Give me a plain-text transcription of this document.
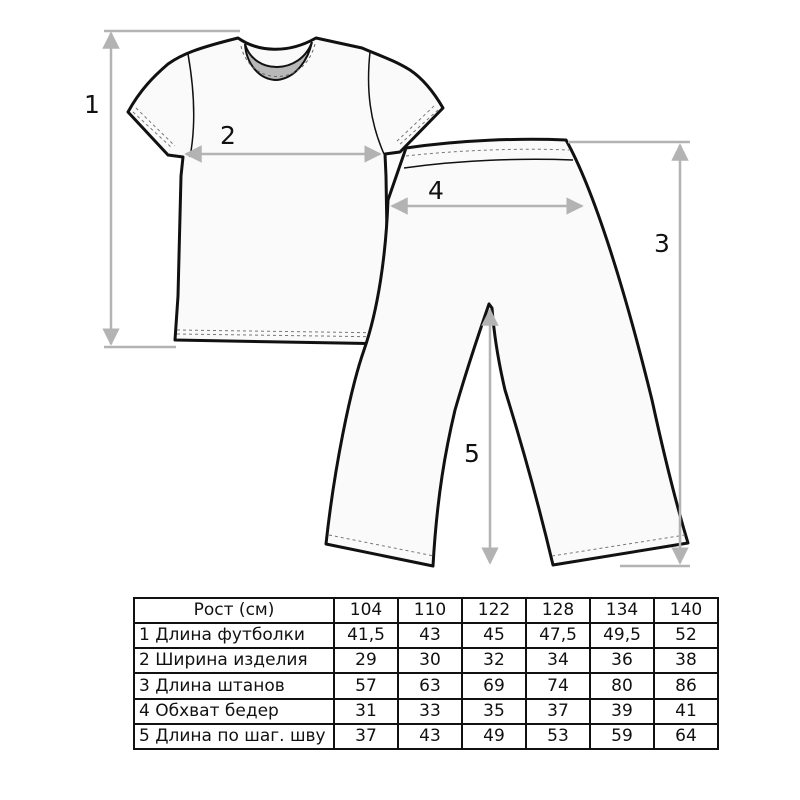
1
2
3
4
5
Рост (см)	104	110	122	128	134	140
1 Длина футболки	41,5	43	45	47,5	49,5	52
2 Ширина изделия	29	30	32	34	36	38
3 Длина штанов	57	63	69	74	80	86
4 Обхват бедер	31	33	35	37	39	41
5 Длина по шаг. шву	37	43	49	53	59	64
